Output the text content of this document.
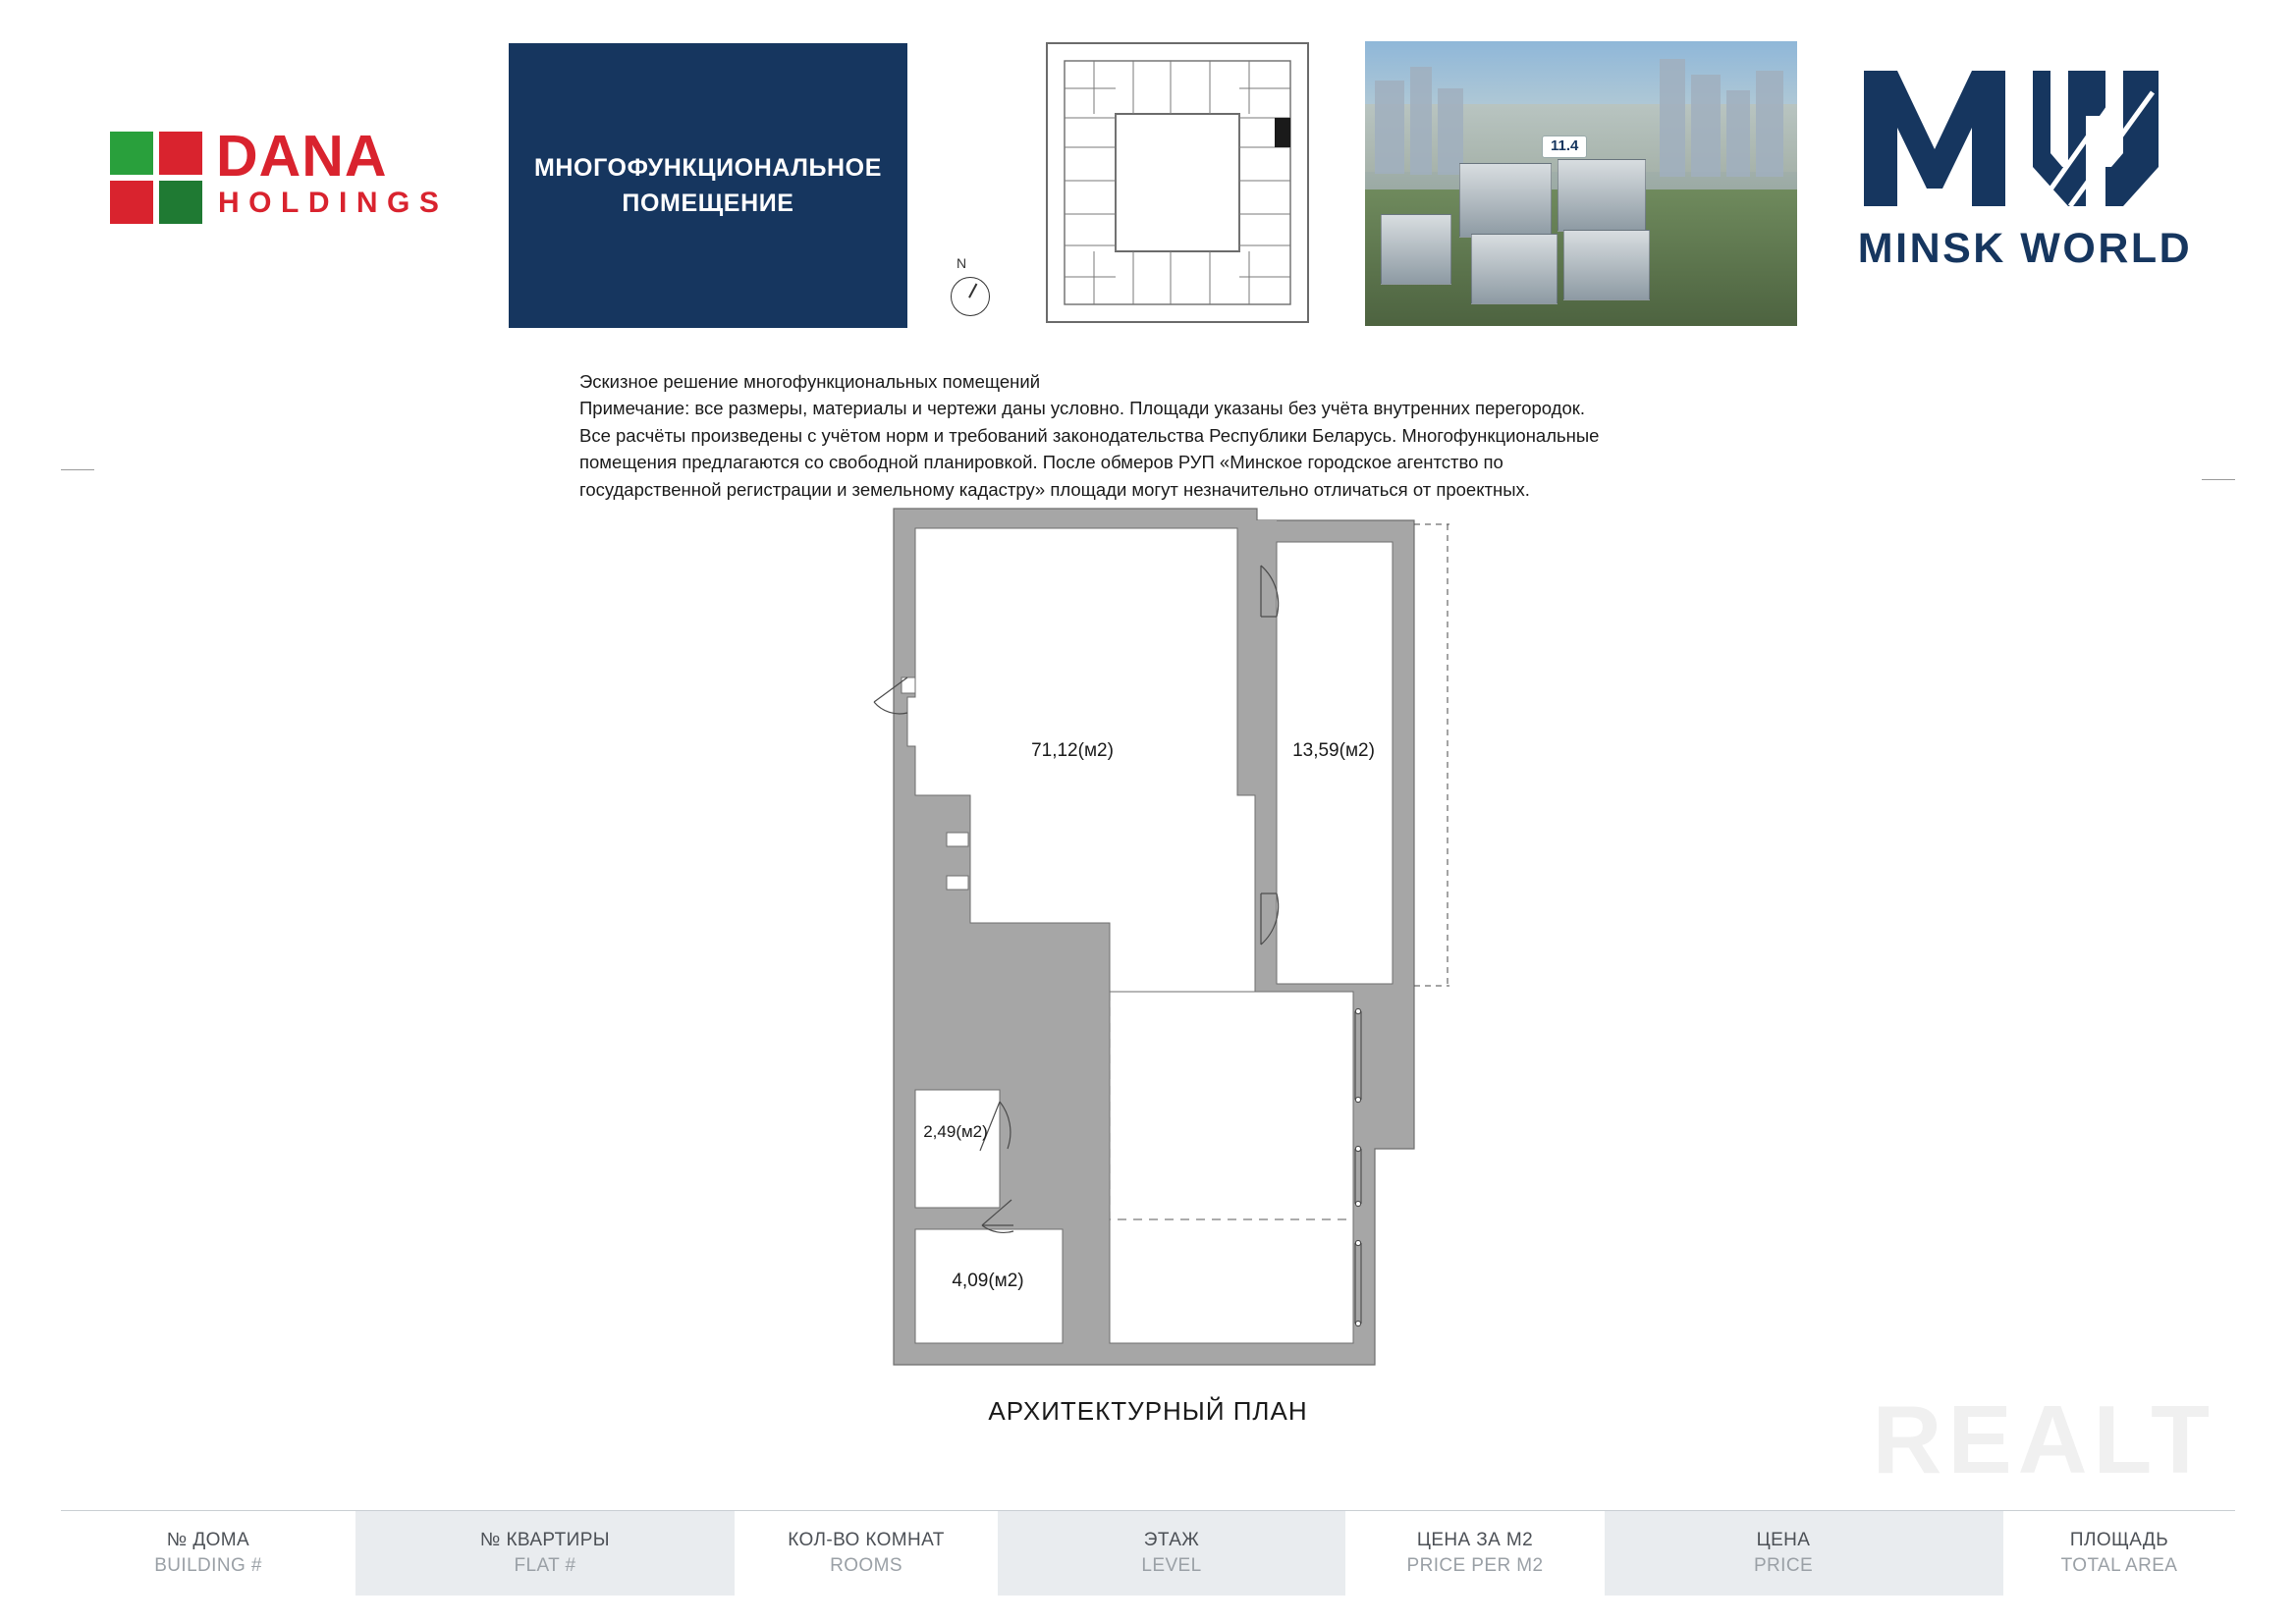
DANA
HOLDINGS
МНОГОФУНКЦИОНАЛЬНОЕ
ПОМЕЩЕНИЕ
N
11.4
MINSK WORLD

Эскизное решение многофункциональных помещений

Примечание: все размеры, материалы и чертежи даны условно. Площади указаны без учёта внутренних перегородок.

Все расчёты произведены с учётом норм и требований законодательства Республики Беларусь. Многофункциональные

помещения предлагаются со свободной планировкой. После обмеров РУП «Минское городское агентство по

государственной регистрации и земельному кадастру» площади могут незначительно отличаться от проектных.

71,12(м2)	13,59(м2)
2,49(м2)
4,09(м2)
АРХИТЕКТУРНЫЙ ПЛАН	REALT
№ ДОМА
BUILDING #
№ КВАРТИРЫ
FLAT #
КОЛ-ВО КОМНАТ
ROOMS
ЭТАЖ
LEVEL
ЦЕНА ЗА М2
PRICE PER М2
ЦЕНА
PRICE
ПЛОЩАДЬ
TOTAL AREA
